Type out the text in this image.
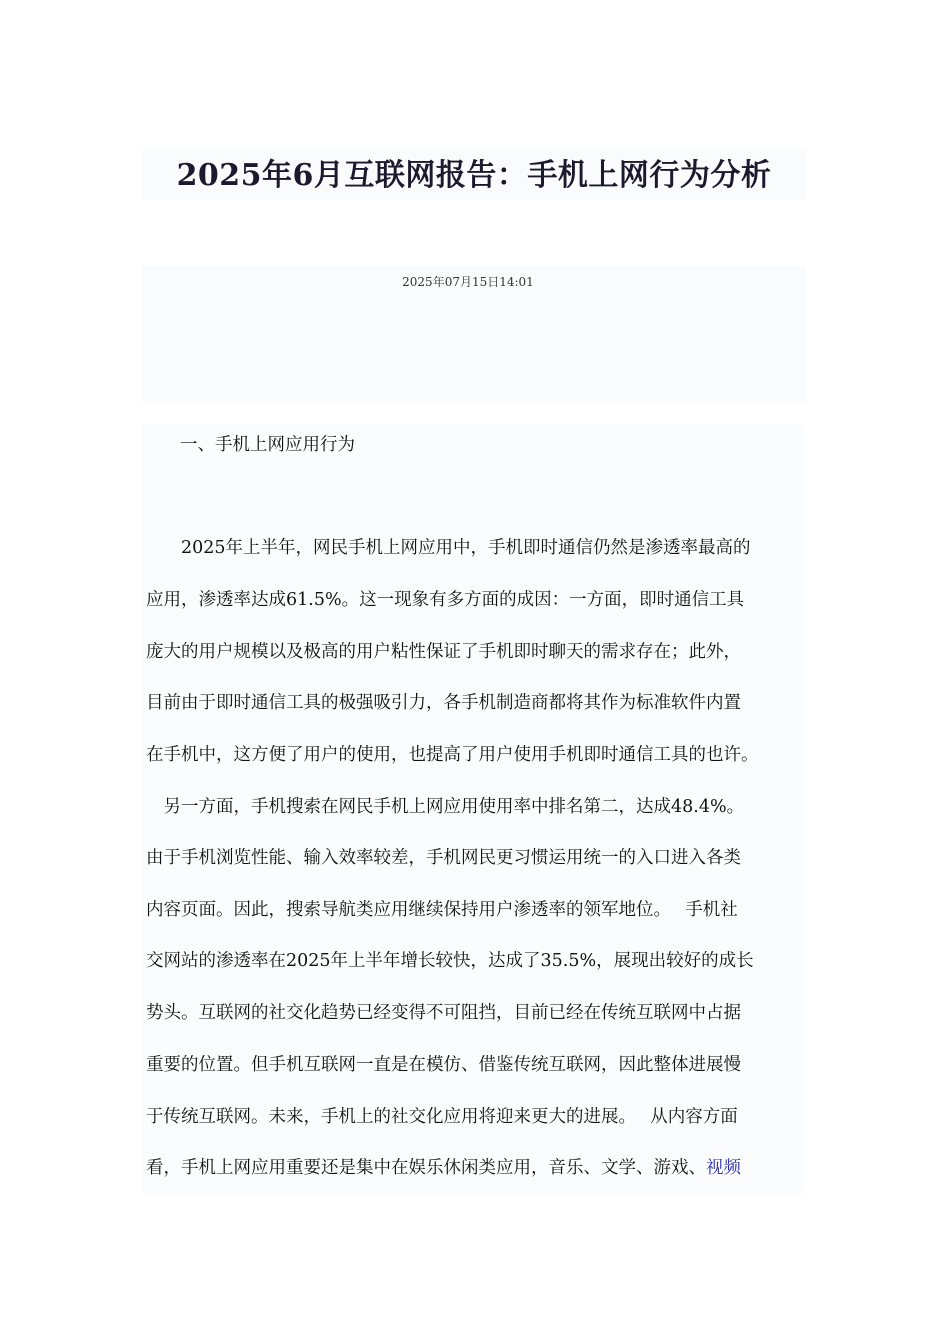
2025年6月互联网报告：手机上网行为分析
2025年07月15日14:01
一、手机上网应用行为
　　2025年上半年，网民手机上网应用中，手机即时通信仍然是渗透率最高的
应用，渗透率达成61.5%。这一现象有多方面的成因：一方面，即时通信工具
庞大的用户规模以及极高的用户粘性保证了手机即时聊天的需求存在；此外，
目前由于即时通信工具的极强吸引力，各手机制造商都将其作为标准软件内置
在手机中，这方便了用户的使用，也提高了用户使用手机即时通信工具的也许。
　另一方面，手机搜索在网民手机上网应用使用率中排名第二，达成48.4%。
由于手机浏览性能、输入效率较差，手机网民更习惯运用统一的入口进入各类
内容页面。因此，搜索导航类应用继续保持用户渗透率的领军地位。　 手机社
交网站的渗透率在2025年上半年增长较快，达成了35.5%，展现出较好的成长
势头。互联网的社交化趋势已经变得不可阻挡，目前已经在传统互联网中占据
重要的位置。但手机互联网一直是在模仿、借鉴传统互联网，因此整体进展慢
于传统互联网。未来，手机上的社交化应用将迎来更大的进展。　 从内容方面
看，手机上网应用重要还是集中在娱乐休闲类应用，音乐、文学、游戏、视频
